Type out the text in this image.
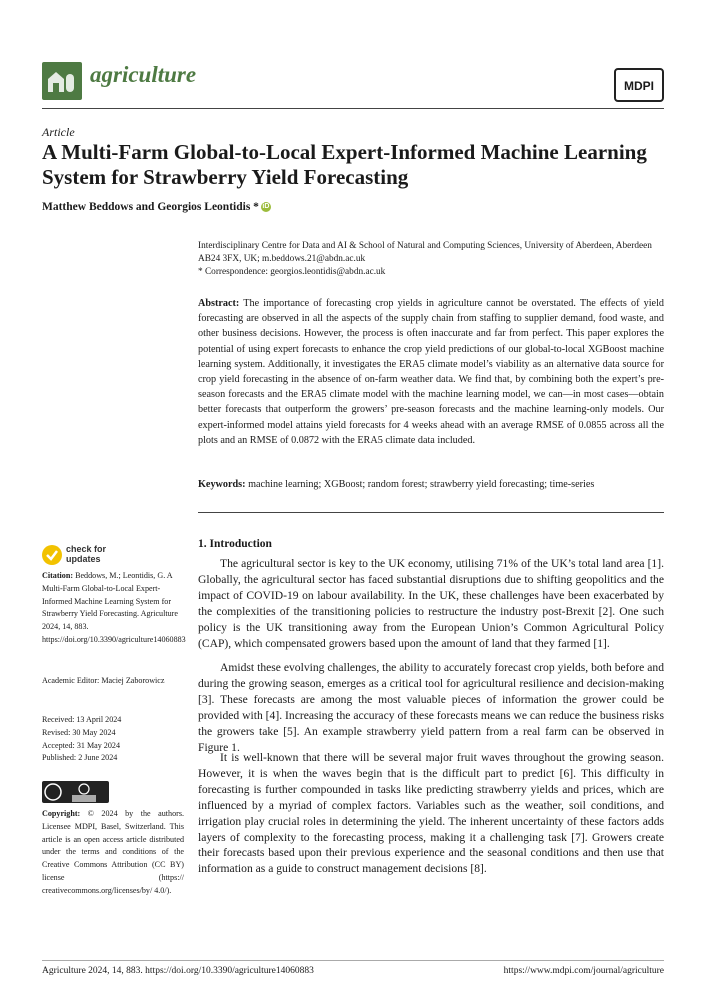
agriculture	MDPI
Article
A Multi-Farm Global-to-Local Expert-Informed Machine Learning System for Strawberry Yield Forecasting
Matthew Beddows and Georgios Leontidis * iD
Interdisciplinary Centre for Data and AI & School of Natural and Computing Sciences, University of Aberdeen, Aberdeen AB24 3FX, UK; m.beddows.21@abdn.ac.uk
* Correspondence: georgios.leontidis@abdn.ac.uk
Abstract: The importance of forecasting crop yields in agriculture cannot be overstated. The effects of yield forecasting are observed in all the aspects of the supply chain from staffing to supplier demand, food waste, and other business decisions. However, the process is often inaccurate and far from perfect. This paper explores the potential of using expert forecasts to enhance the crop yield predictions of our global-to-local XGBoost machine learning system. Additionally, it investigates the ERA5 climate model’s viability as an alternative data source for crop yield forecasting in the absence of on-farm weather data. We find that, by combining both the expert’s pre-season forecasts and the ERA5 climate model with the machine learning model, we can—in most cases—obtain better forecasts that outperform the growers’ pre-season forecasts and the machine learning-only models. Our expert-informed model attains yield forecasts for 4 weeks ahead with an average RMSE of 0.0855 across all the plots and an RMSE of 0.0872 with the ERA5 climate data included.
Keywords: machine learning; XGBoost; random forest; strawberry yield forecasting; time-series
check for
updates
Citation: Beddows, M.; Leontidis, G. A Multi-Farm Global-to-Local Expert-Informed Machine Learning System for Strawberry Yield Forecasting. Agriculture 2024, 14, 883. https://doi.org/10.3390/agriculture14060883
Academic Editor: Maciej Zaborowicz
Received: 13 April 2024
Revised: 30 May 2024
Accepted: 31 May 2024
Published: 2 June 2024
Copyright: © 2024 by the authors. Licensee MDPI, Basel, Switzerland. This article is an open access article distributed under the terms and conditions of the Creative Commons Attribution (CC BY) license (https:// creativecommons.org/licenses/by/ 4.0/).
1. Introduction
The agricultural sector is key to the UK economy, utilising 71% of the UK’s total land area [1]. Globally, the agricultural sector has faced substantial disruptions due to shifting geopolitics and the impact of COVID-19 on labour availability. In the UK, these challenges have been exacerbated by the complexities of the transitioning policies to restructure the industry post-Brexit [2]. One such policy is the UK transitioning away from the European Union’s Common Agricultural Policy (CAP), which compensated growers based upon the amount of land that they farmed [1].
Amidst these evolving challenges, the ability to accurately forecast crop yields, both before and during the growing season, emerges as a critical tool for agricultural resilience and decision-making [3]. These forecasts are among the most valuable pieces of information the grower could be provided with [4]. Increasing the accuracy of these forecasts means we can reduce the business risks the growers take [5]. An example strawberry yield pattern from a real farm can be observed in Figure 1.
It is well-known that there will be several major fruit waves throughout the growing season. However, it is when the waves begin that is the difficult part to predict [6]. This difficulty in forecasting is further compounded in tasks like predicting strawberry yields and prices, which are influenced by a myriad of complex factors. Variables such as the weather, soil conditions, and irrigation play crucial roles in determining the yield. The inherent uncertainty of these factors adds layers of complexity to the forecasting process, making it a challenging task [7]. Growers create their forecasts based upon their previous experience and the seasonal conditions and then use that information as a guide to construct management decisions [8].
Agriculture 2024, 14, 883. https://doi.org/10.3390/agriculture14060883	https://www.mdpi.com/journal/agriculture
